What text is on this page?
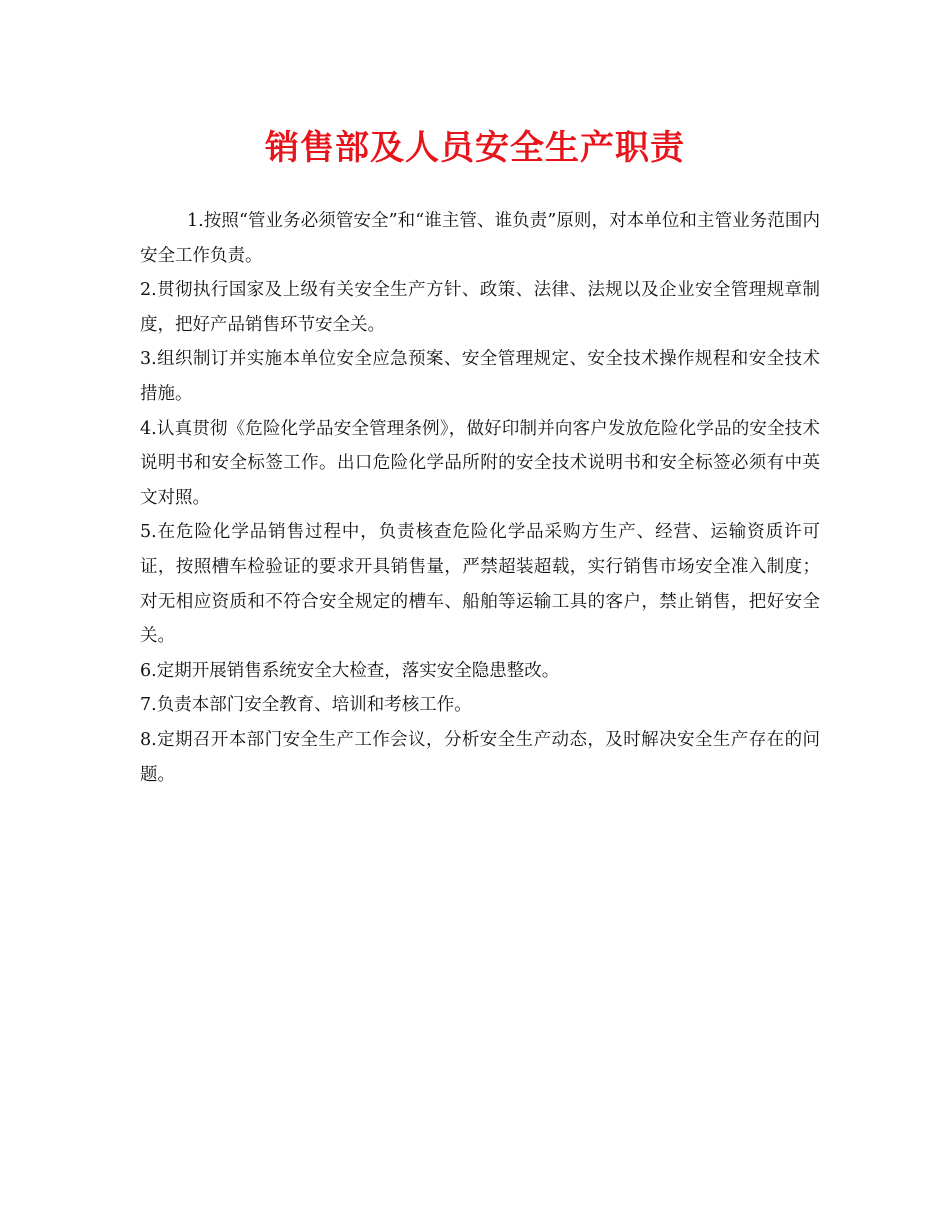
销售部及人员安全生产职责

1.按照“管业务必须管安全”和“谁主管、谁负责”原则，对本单位和主管业务范围内安全工作负责。

2.贯彻执行国家及上级有关安全生产方针、政策、法律、法规以及企业安全管理规章制度，把好产品销售环节安全关。

3.组织制订并实施本单位安全应急预案、安全管理规定、安全技术操作规程和安全技术措施。

4.认真贯彻《危险化学品安全管理条例》，做好印制并向客户发放危险化学品的安全技术说明书和安全标签工作。出口危险化学品所附的安全技术说明书和安全标签必须有中英文对照。

5.在危险化学品销售过程中，负责核查危险化学品采购方生产、经营、运输资质许可证，按照槽车检验证的要求开具销售量，严禁超装超载，实行销售市场安全准入制度；对无相应资质和不符合安全规定的槽车、船舶等运输工具的客户，禁止销售，把好安全关。

6.定期开展销售系统安全大检查，落实安全隐患整改。

7.负责本部门安全教育、培训和考核工作。

8.定期召开本部门安全生产工作会议，分析安全生产动态，及时解决安全生产存在的问题。
